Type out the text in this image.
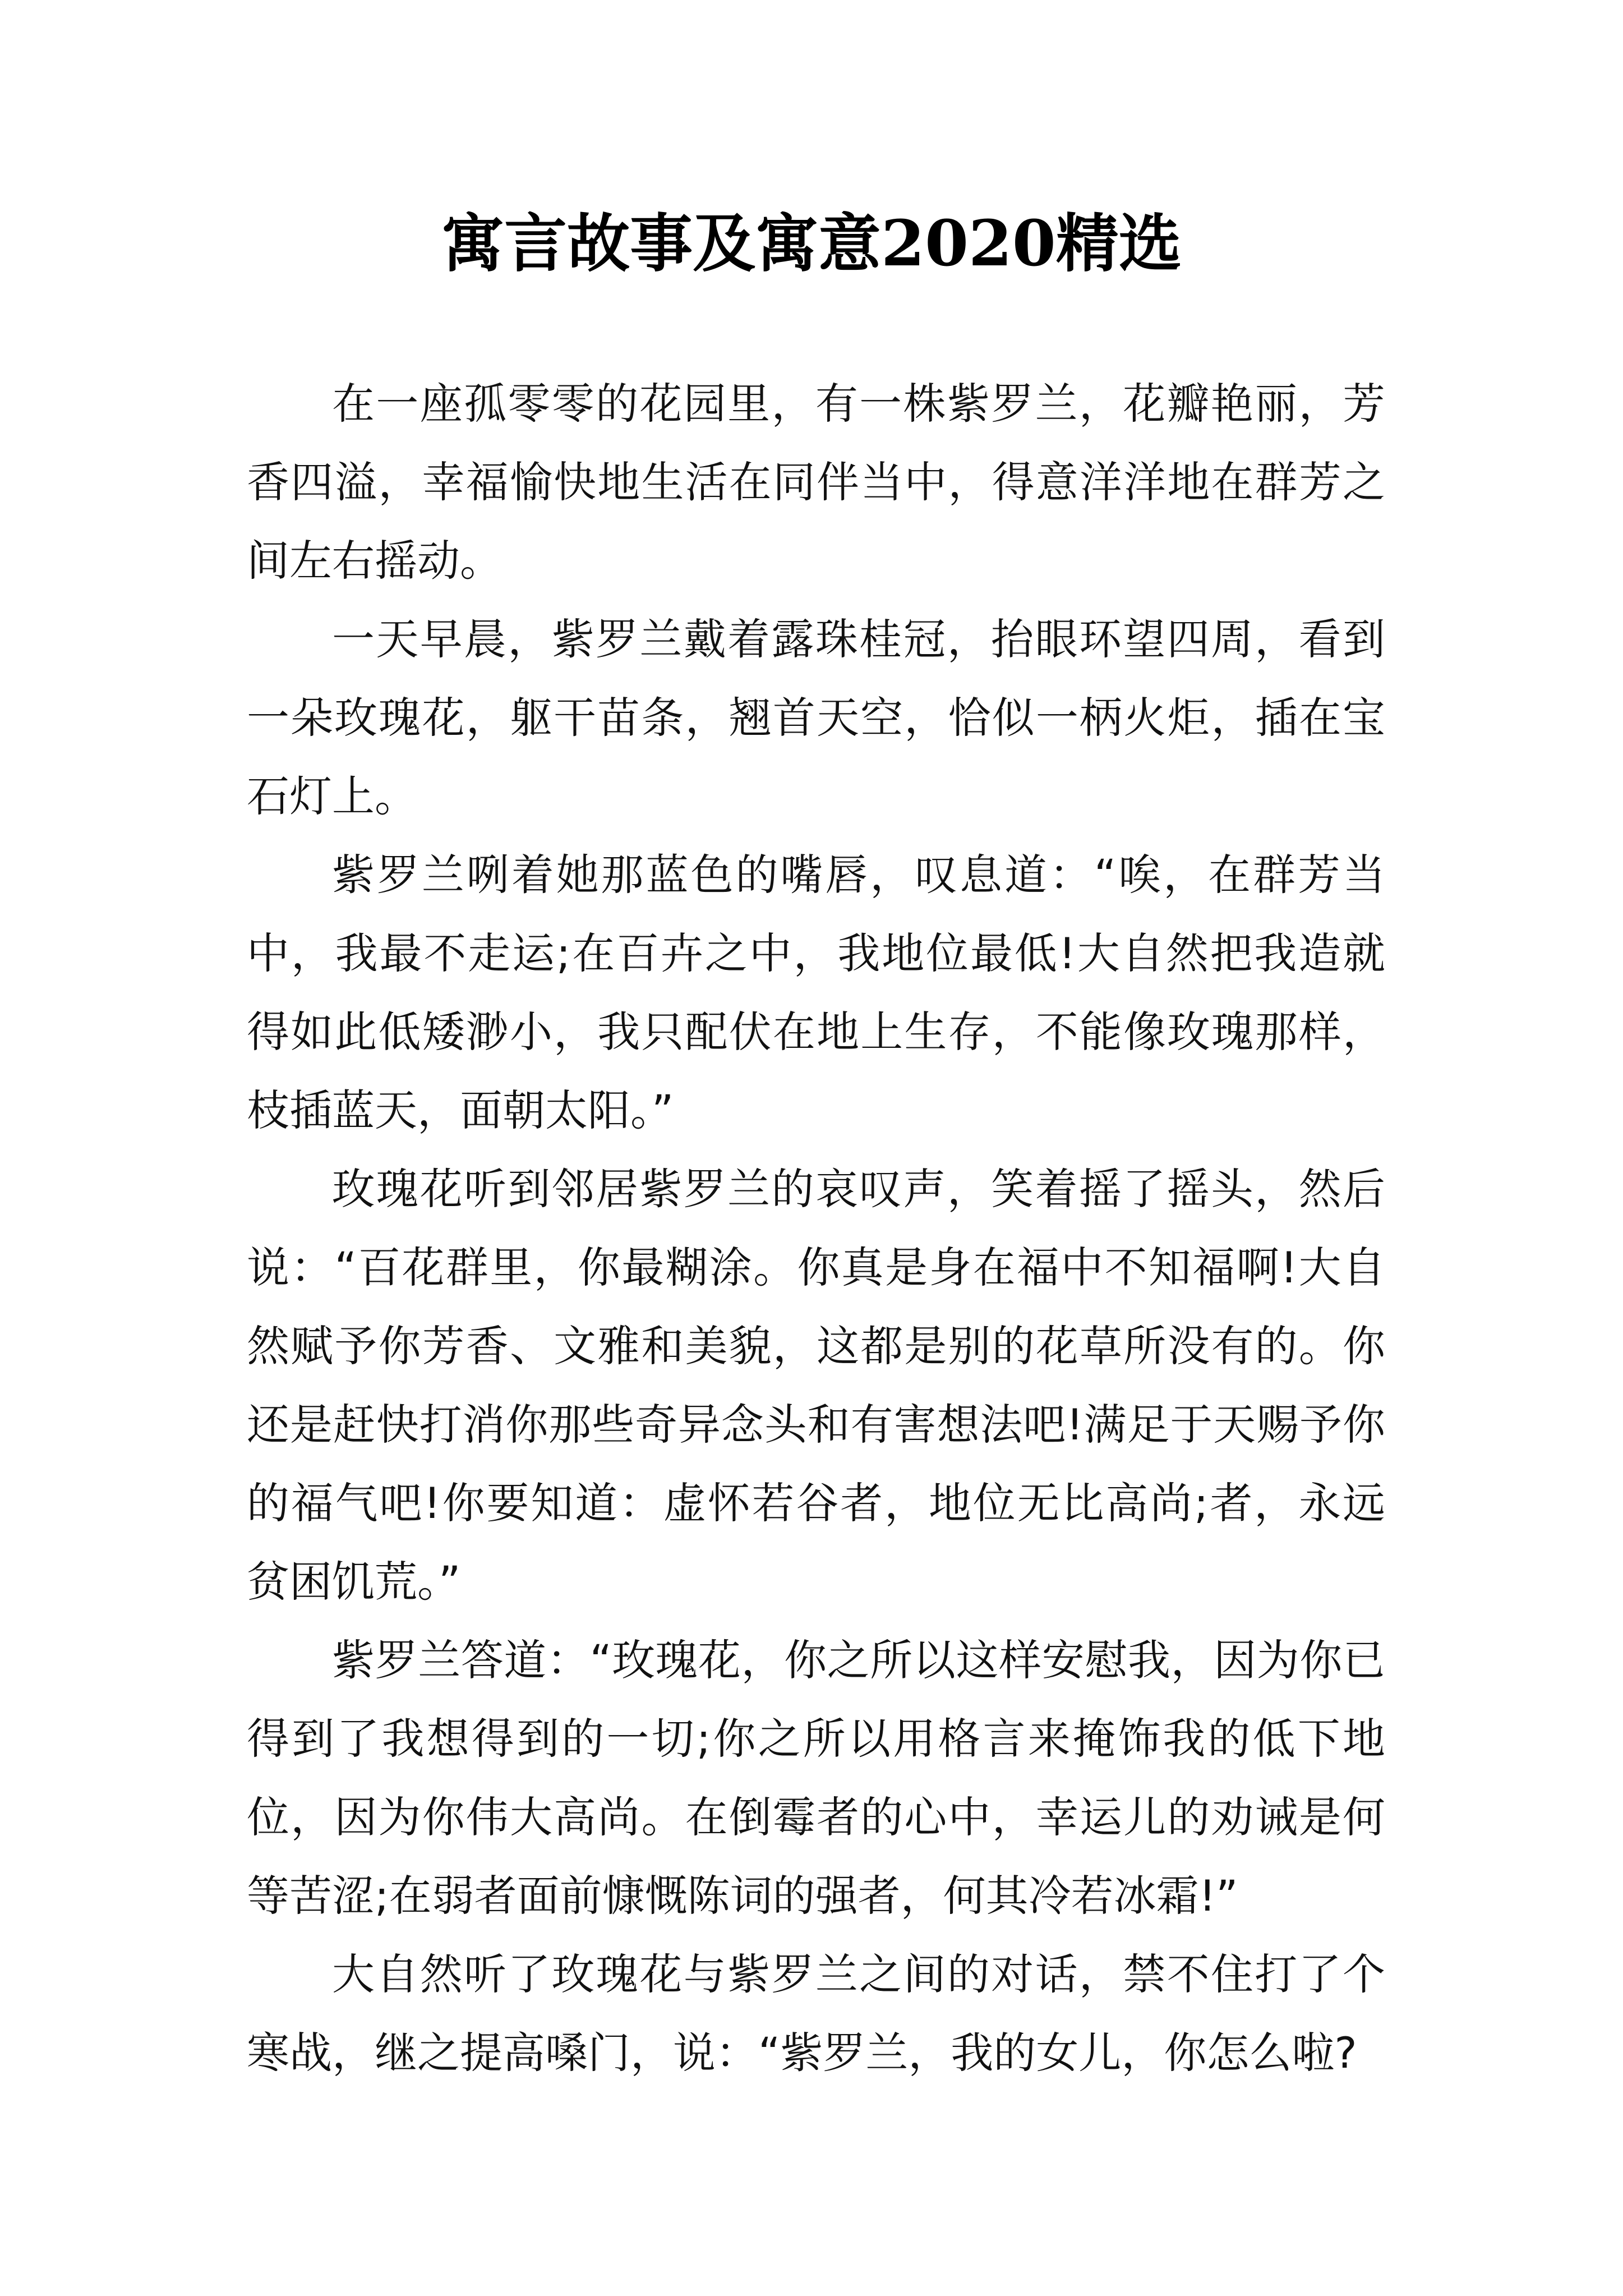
寓言故事及寓意2020精选

在一座孤零零的花园里，有一株紫罗兰，花瓣艳丽，芳香四溢，幸福愉快地生活在同伴当中，得意洋洋地在群芳之间左右摇动。

一天早晨，紫罗兰戴着露珠桂冠，抬眼环望四周，看到一朵玫瑰花，躯干苗条，翘首天空，恰似一柄火炬，插在宝石灯上。

紫罗兰咧着她那蓝色的嘴唇，叹息道：“唉，在群芳当中，我最不走运;在百卉之中，我地位最低!大自然把我造就得如此低矮渺小，我只配伏在地上生存，不能像玫瑰那样，枝插蓝天，面朝太阳。”

玫瑰花听到邻居紫罗兰的哀叹声，笑着摇了摇头，然后说：“百花群里，你最糊涂。你真是身在福中不知福啊!大自然赋予你芳香、文雅和美貌，这都是别的花草所没有的。你还是赶快打消你那些奇异念头和有害想法吧!满足于天赐予你的福气吧!你要知道：虚怀若谷者，地位无比高尚;者，永远贫困饥荒。”

紫罗兰答道：“玫瑰花，你之所以这样安慰我，因为你已得到了我想得到的一切;你之所以用格言来掩饰我的低下地位，因为你伟大高尚。在倒霉者的心中，幸运儿的劝诫是何等苦涩;在弱者面前慷慨陈词的强者，何其冷若冰霜!”

大自然听了玫瑰花与紫罗兰之间的对话，禁不住打了个寒战，继之提高嗓门，说：“紫罗兰，我的女儿，你怎么啦?
